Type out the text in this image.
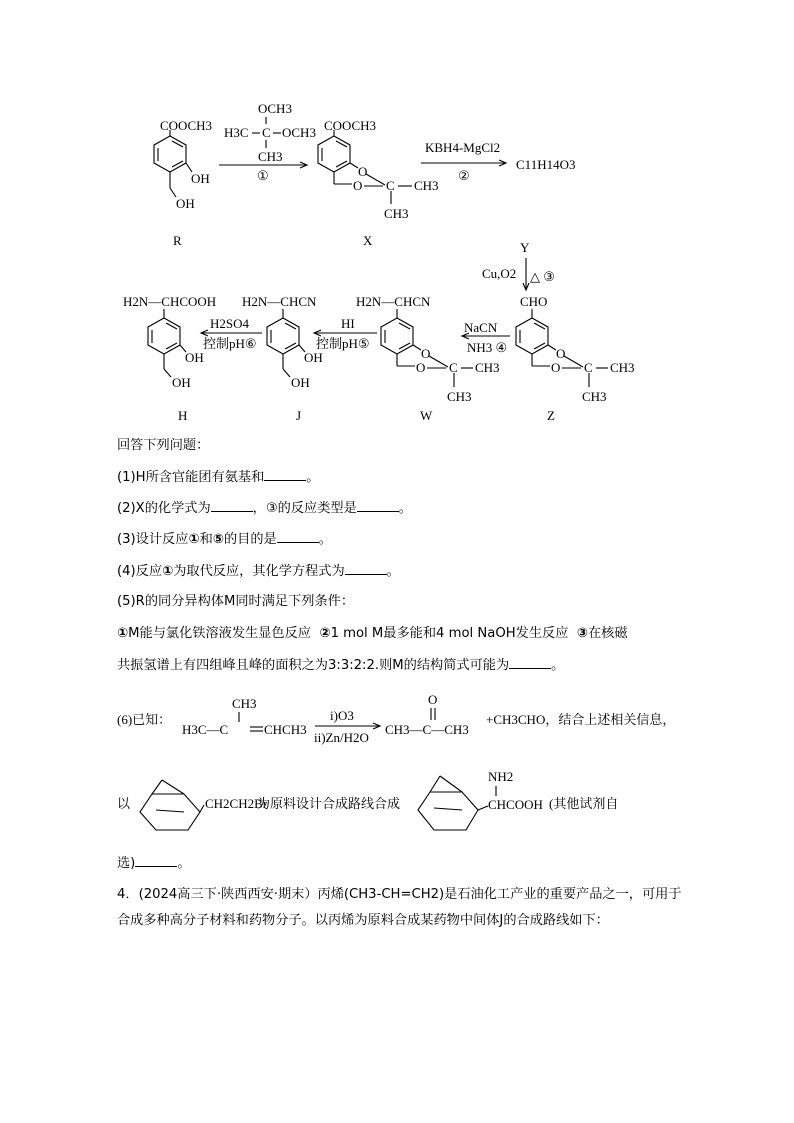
COOCH3
OH
OH
R
OCH3
H3C C OCH3
CH3
①
COOCH3
O
O C CH3
CH3
X
KBH4-MgCl2
②
C11H14O3
Y
Cu,O2 △ ③
CHO
O
O C CH3
CH3
Z
NaCN
NH3 ④
H2N—CHCN
O
O C CH3
CH3
W
HI
控制pH⑤
H2N—CHCN
OH
OH
J
H2SO4
控制pH⑥
H2N—CHCOOH
OH
OH
H
回答下列问题：
(1)H所含官能团有氨基和	。
(2)X的化学式为	，③的反应类型是	。
(3)设计反应①和⑤的目的是	。
(4)反应①为取代反应，其化学方程式为	。
(5)R的同分异构体M同时满足下列条件：
①M能与氯化铁溶液发生显色反应 ②1 mol M最多能和4 mol NaOH发生反应 ③在核磁
共振氢谱上有四组峰且峰的面积之为3:3:2:2.则M的结构简式可能为	。
(6)已知：
CH3
H3C—C	CHCH3
i)O3
ii)Zn/H2O
O
CH3—C—CH3
+CH3CHO，结合上述相关信息，
以	CH2CH2Br
为原料设计合成路线合成
NH2
CHCOOH (其他试剂自
选)	。
4．(2024高三下·陕西西安·期末）丙烯(CH3-CH=CH2)是石油化工产业的重要产品之一，可用于合成多种高分子材料和药物分子。以丙烯为原料合成某药物中间体J的合成路线如下：
